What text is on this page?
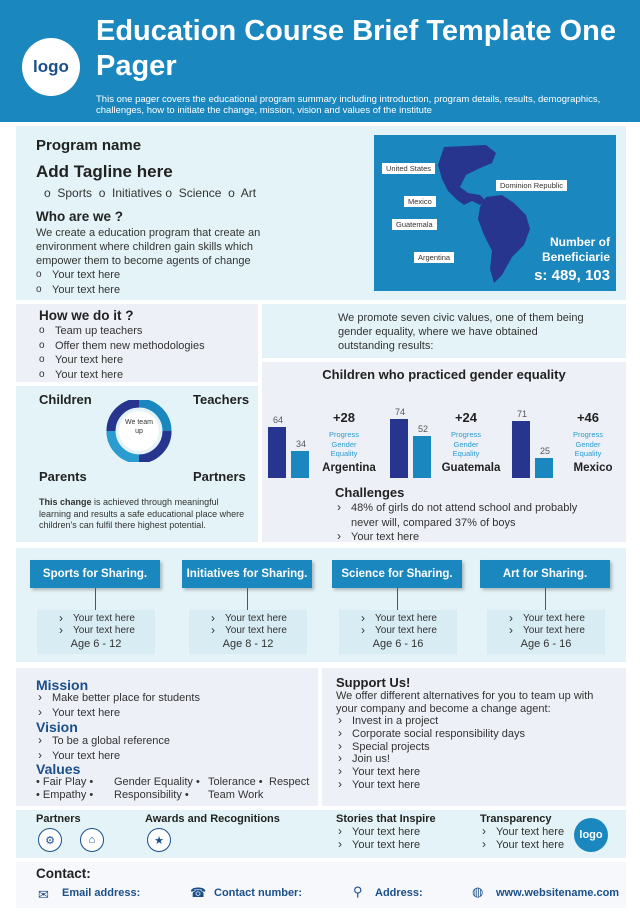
logo
Education Course Brief Template One Pager
This one pager covers the educational program summary including introduction, program details, results, demographics, challenges, how to initiate the change, mission, vision and values of the institute
Program name
Add Tagline here
o  Sports  o  Initiatives o  Science  o  Art
Who are we ?
We create a education program that create an environment where children gain skills which empower them to become agents of change
o Your text here
o Your text here
United States
Dominion Republic
Mexico
Guatemala
Argentina
Number of
Beneficiarie
s: 489, 103
How we do it ?
o Team up teachers
o Offer them new methodologies
o Your text here
o Your text here
We promote seven civic values, one of them being gender equality, where we have obtained outstanding results:
Children	Teachers
Parents	Partners
We team up
This change is achieved through meaningful learning and results a safe educational place where children's can fulfil there highest potential.
Children who practiced gender equality
64
34
+28
Progress Gender Equality
Argentina
74
52
+24
Progress Gender Equality
Guatemala
71
25
+46
Progress Gender Equality
Mexico
Challenges
› 48% of girls do not attend school and probably never will, compared 37% of boys
› Your text here
Sports for Sharing.
› Your text here
› Your text here
Age 6 - 12
Initiatives for Sharing.
› Your text here
› Your text here
Age 8 - 12
Science for Sharing.
› Your text here
› Your text here
Age 6 - 16
Art for Sharing.
› Your text here
› Your text here
Age 6 - 16
Mission
› Make better place for students
› Your text here
Vision
› To be a global reference
› Your text here
Values
• Fair Play • Gender Equality • Tolerance • Respect
• Empathy • Responsibility • Team Work
Support Us!
We offer different alternatives for you to team up with your company and become a change agent:
› Invest in a project
› Corporate social responsibility days
› Special projects
› Join us!
› Your text here
› Your text here
Partners
⚙	⌂
Awards and Recognitions
★
Stories that Inspire
› Your text here
› Your text here
Transparency
› Your text here
› Your text here
logo
Contact:
✉ Email address:	☎ Contact number:	⚲ Address:	◍ www.websitename.com
